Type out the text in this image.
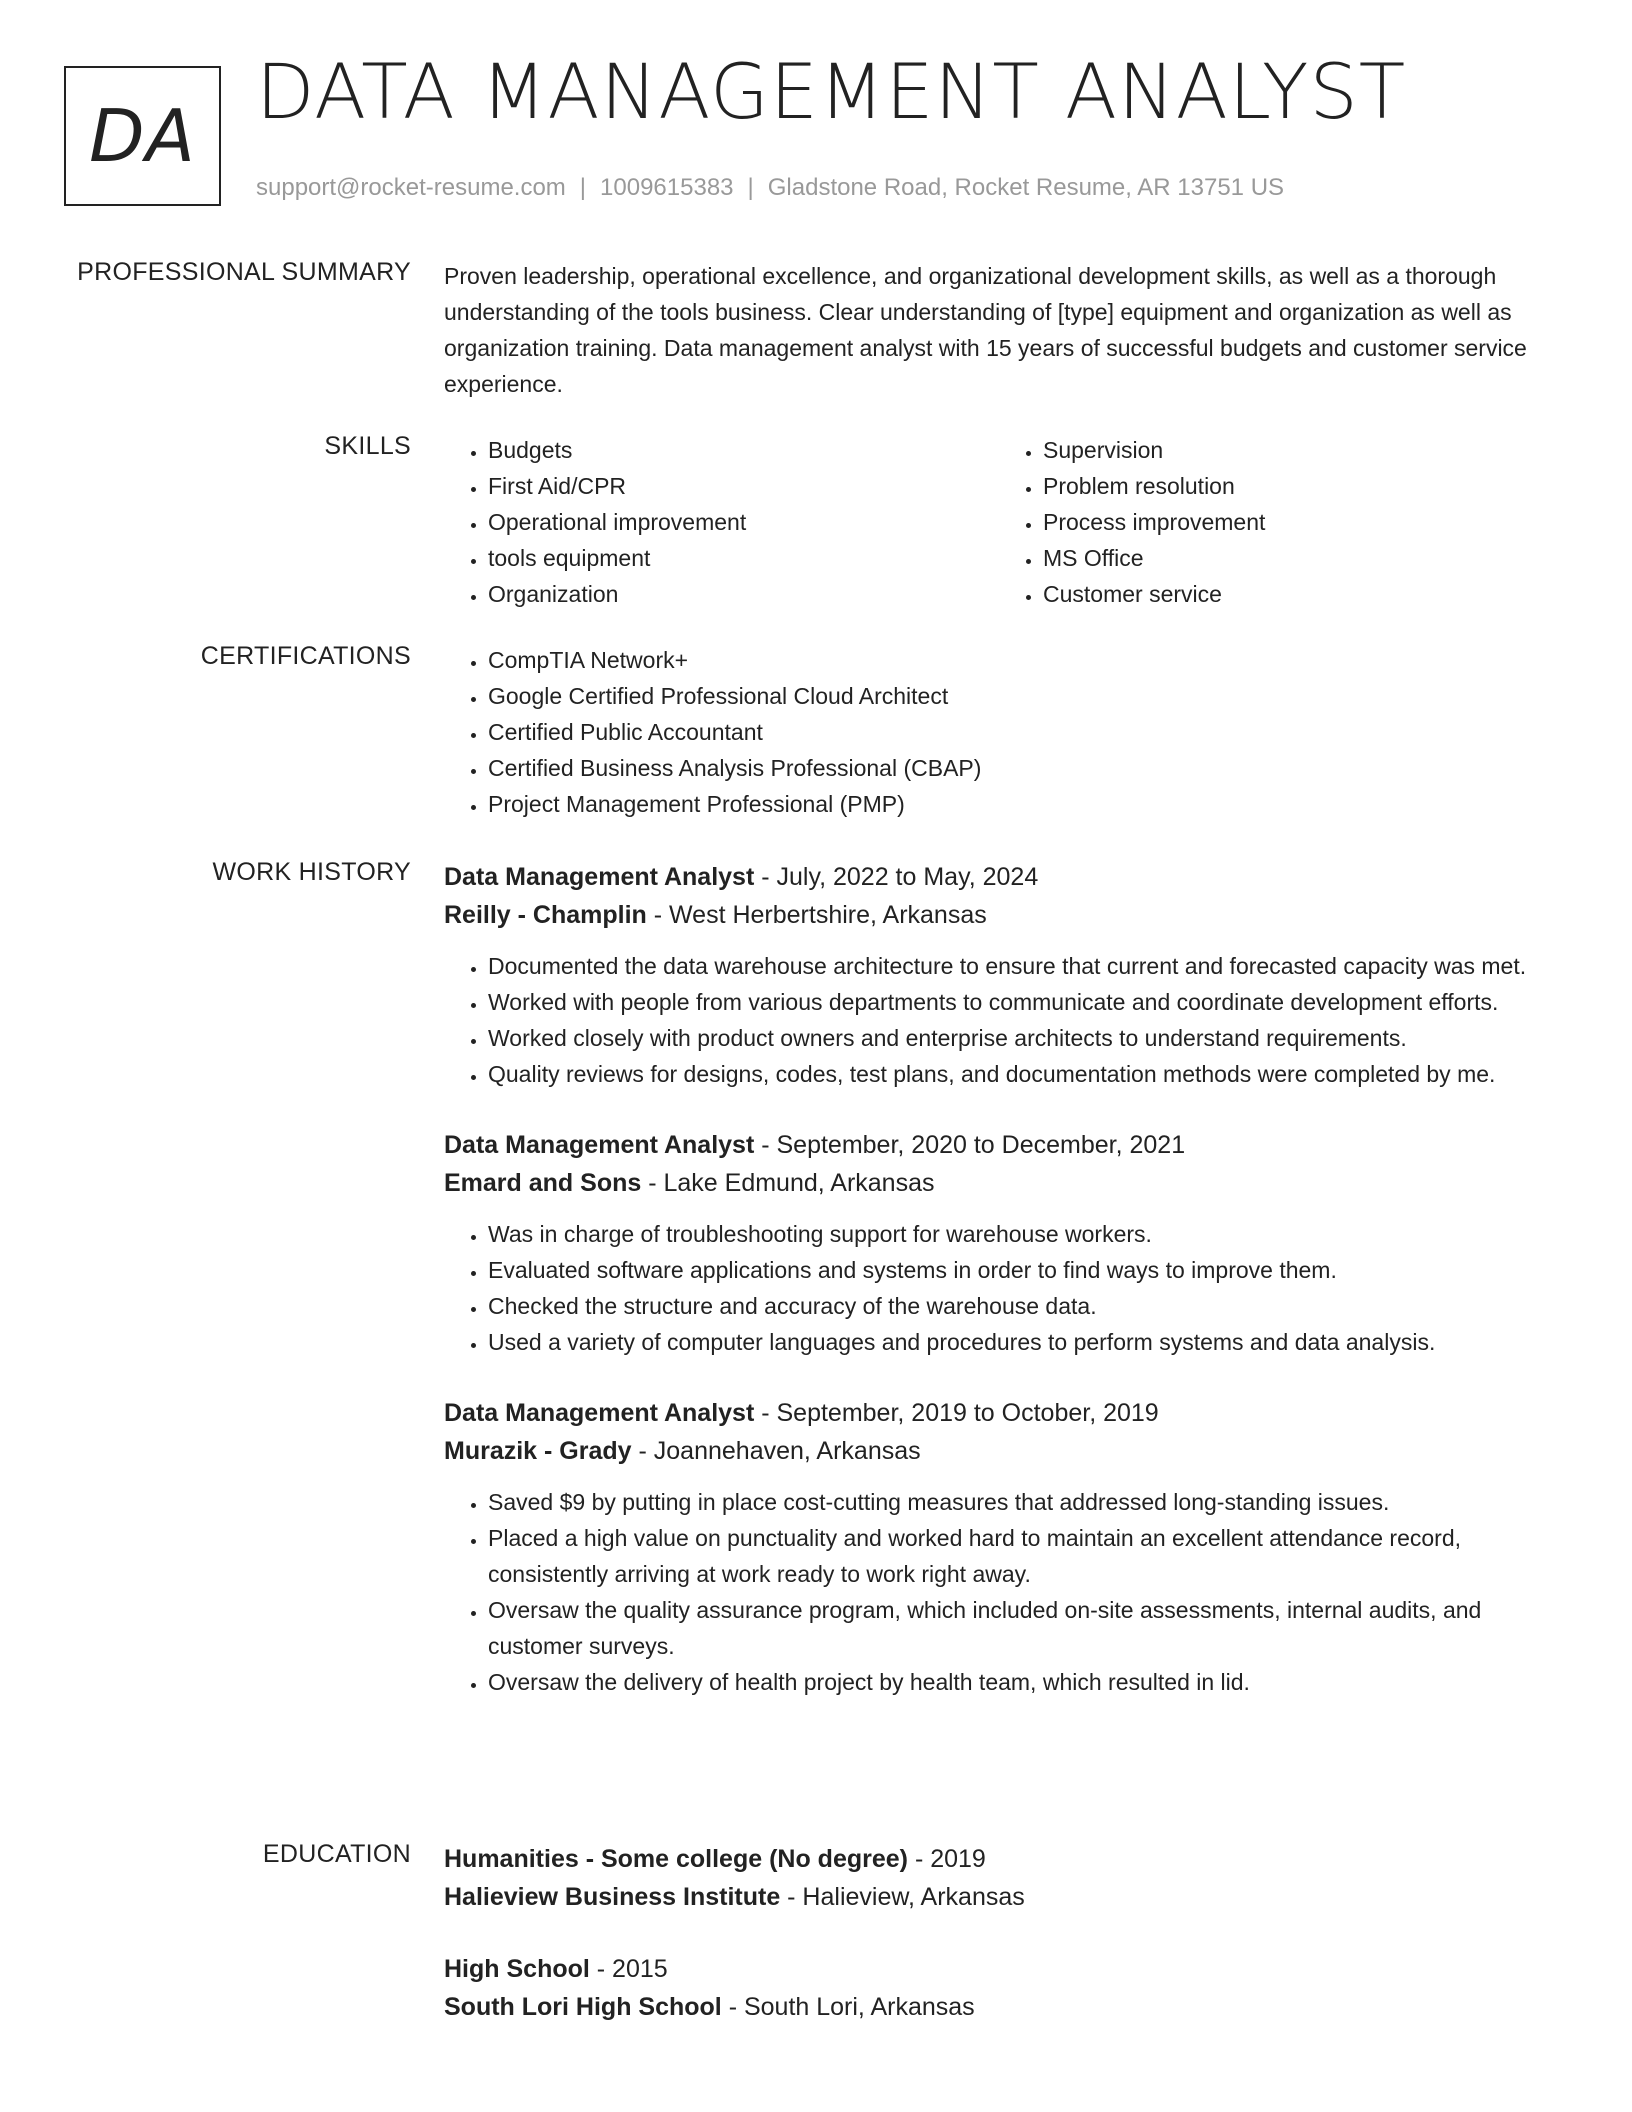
DA DATA MANAGEMENT ANALYST
support@rocket-resume.com | 1009615383 | Gladstone Road, Rocket Resume, AR 13751 US
PROFESSIONAL SUMMARY Proven leadership, operational excellence, and organizational development skills, as well as a thorough understanding of the tools business. Clear understanding of [type] equipment and organization as well as organization training. Data management analyst with 15 years of successful budgets and customer service experience.

SKILLS	• Budgets
• First Aid/CPR
• Operational improvement
• tools equipment
• Organization
• Supervision
• Problem resolution
• Process improvement
• MS Office
• Customer service
CERTIFICATIONS	• CompTIA Network+
• Google Certified Professional Cloud Architect
• Certified Public Accountant
• Certified Business Analysis Professional (CBAP)
• Project Management Professional (PMP)
WORK HISTORY Data Management Analyst - July, 2022 to May, 2024
Reilly - Champlin - West Herbertshire, Arkansas
• Documented the data warehouse architecture to ensure that current and forecasted capacity was met.
• Worked with people from various departments to communicate and coordinate development efforts.
• Worked closely with product owners and enterprise architects to understand requirements.
• Quality reviews for designs, codes, test plans, and documentation methods were completed by me.
Data Management Analyst - September, 2020 to December, 2021
Emard and Sons - Lake Edmund, Arkansas
• Was in charge of troubleshooting support for warehouse workers.
• Evaluated software applications and systems in order to find ways to improve them.
• Checked the structure and accuracy of the warehouse data.
• Used a variety of computer languages and procedures to perform systems and data analysis.
Data Management Analyst - September, 2019 to October, 2019
Murazik - Grady - Joannehaven, Arkansas
• Saved $9 by putting in place cost-cutting measures that addressed long-standing issues.
• Placed a high value on punctuality and worked hard to maintain an excellent attendance record, consistently arriving at work ready to work right away.
• Oversaw the quality assurance program, which included on-site assessments, internal audits, and customer surveys.
• Oversaw the delivery of health project by health team, which resulted in lid.
EDUCATION Humanities - Some college (No degree) - 2019
Halieview Business Institute - Halieview, Arkansas
High School - 2015
South Lori High School - South Lori, Arkansas
